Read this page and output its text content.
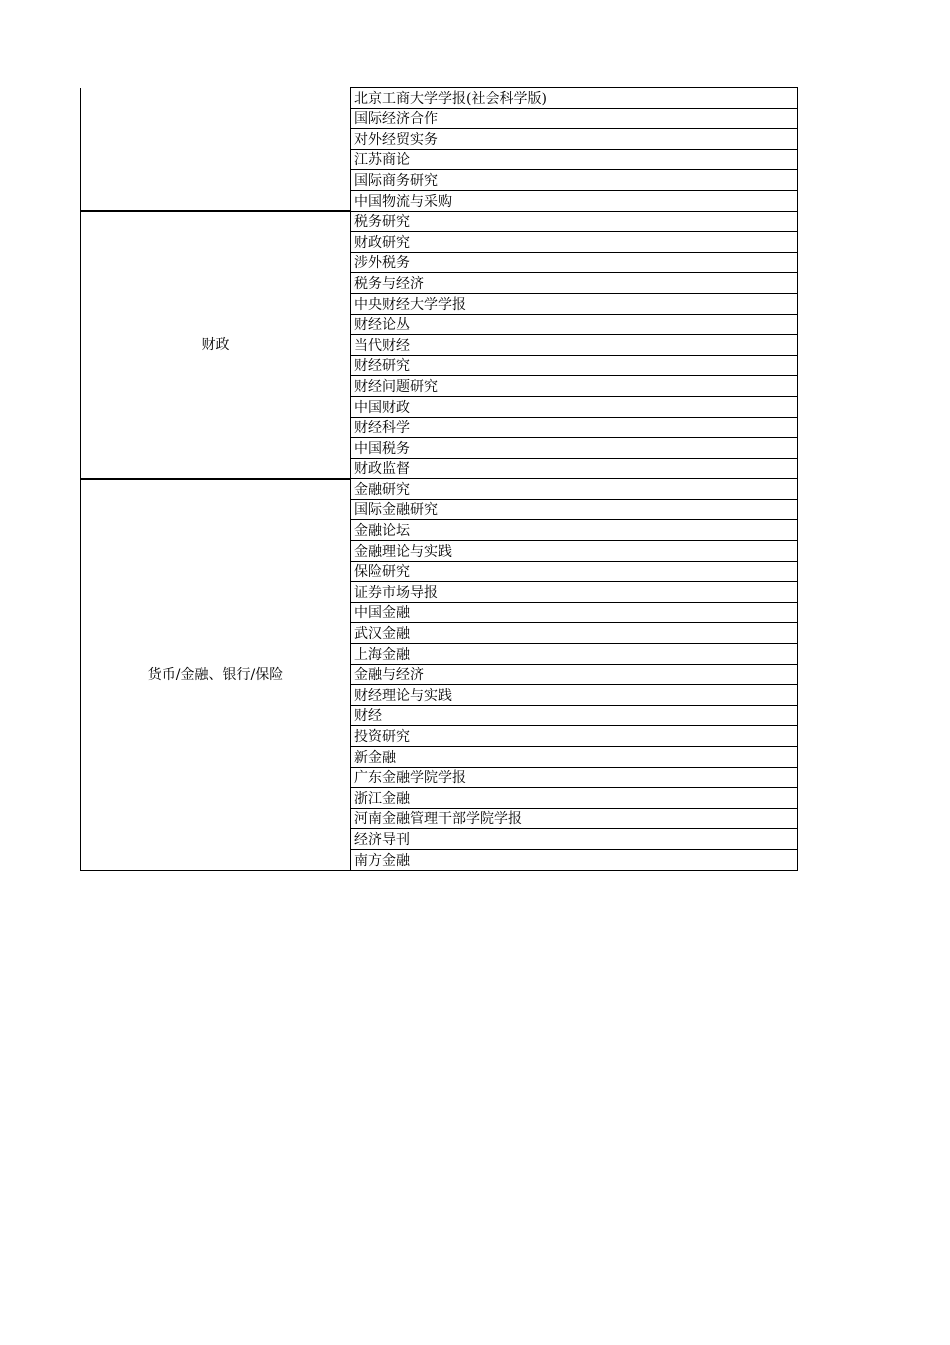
	北京工商大学学报(社会科学版)
	国际经济合作
	对外经贸实务
	江苏商论
	国际商务研究
	中国物流与采购
财政	税务研究
	财政研究
	涉外税务
	税务与经济
	中央财经大学学报
	财经论丛
	当代财经
	财经研究
	财经问题研究
	中国财政
	财经科学
	中国税务
	财政监督
货币/金融、银行/保险	金融研究
	国际金融研究
	金融论坛
	金融理论与实践
	保险研究
	证券市场导报
	中国金融
	武汉金融
	上海金融
	金融与经济
	财经理论与实践
	财经
	投资研究
	新金融
	广东金融学院学报
	浙江金融
	河南金融管理干部学院学报
	经济导刊
	南方金融
